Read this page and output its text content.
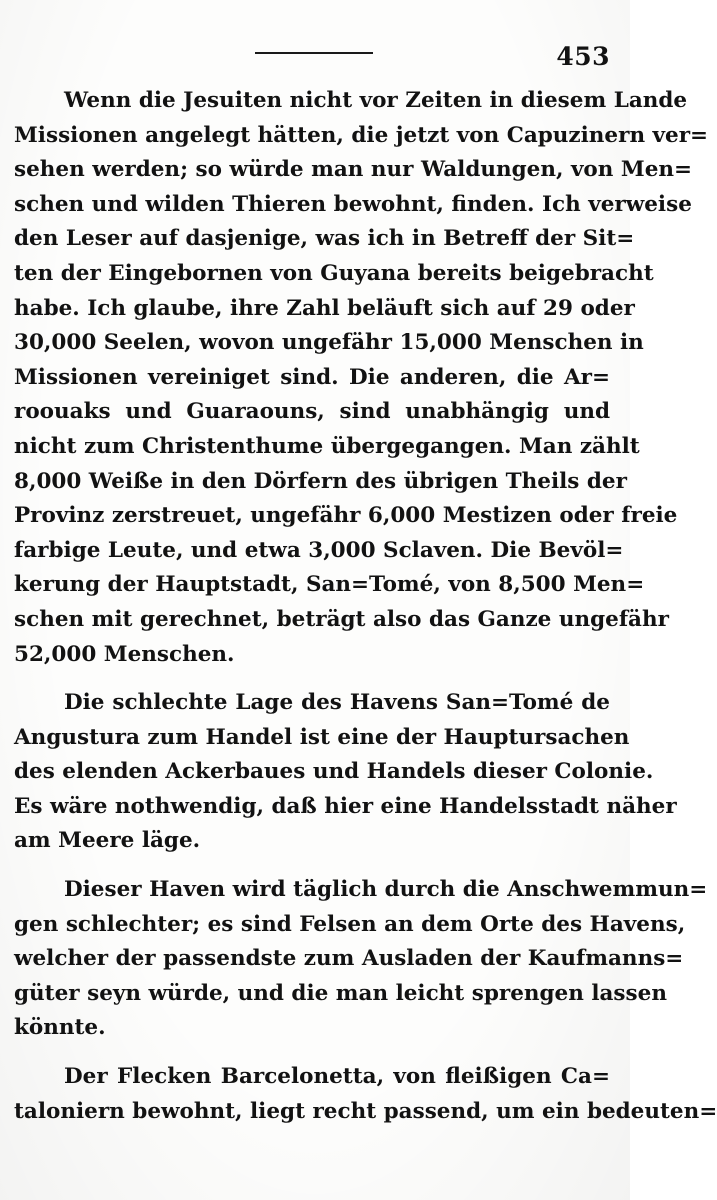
453
Wenn die Jesuiten nicht vor Zeiten in diesem Lande
Missionen angelegt hätten, die jetzt von Capuzinern ver=
sehen werden; so würde man nur Waldungen, von Men=
schen und wilden Thieren bewohnt, finden. Ich verweise
den Leser auf dasjenige, was ich in Betreff der Sit=
ten der Eingebornen von Guyana bereits beigebracht
habe. Ich glaube, ihre Zahl beläuft sich auf 29 oder
30,000 Seelen, wovon ungefähr 15,000 Menschen in
Missionen vereiniget sind. Die anderen, die Ar=
roouaks und Guaraouns, sind unabhängig und
nicht zum Christenthume übergegangen. Man zählt
8,000 Weiße in den Dörfern des übrigen Theils der
Provinz zerstreuet, ungefähr 6,000 Mestizen oder freie
farbige Leute, und etwa 3,000 Sclaven. Die Bevöl=
kerung der Hauptstadt, San=Tomé, von 8,500 Men=
schen mit gerechnet, beträgt also das Ganze ungefähr
52,000 Menschen.
Die schlechte Lage des Havens San=Tomé de
Angustura zum Handel ist eine der Hauptursachen
des elenden Ackerbaues und Handels dieser Colonie.
Es wäre nothwendig, daß hier eine Handelsstadt näher
am Meere läge.
Dieser Haven wird täglich durch die Anschwemmun=
gen schlechter; es sind Felsen an dem Orte des Havens,
welcher der passendste zum Ausladen der Kaufmanns=
güter seyn würde, und die man leicht sprengen lassen
könnte.
Der Flecken Barcelonetta, von fleißigen Ca=
taloniern bewohnt, liegt recht passend, um ein bedeuten=
